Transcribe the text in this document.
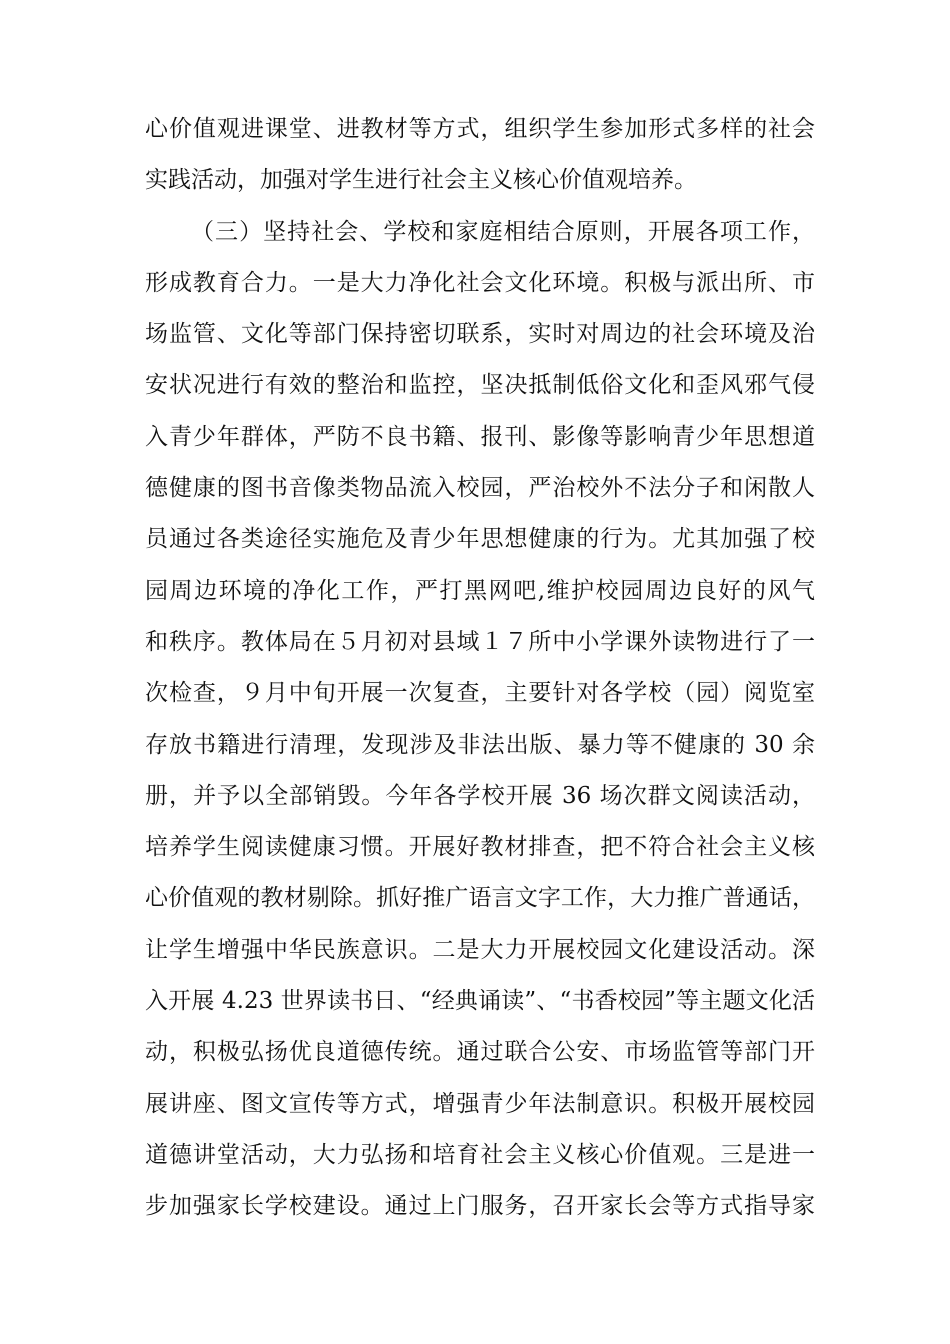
心价值观进课堂、进教材等方式，组织学生参加形式多样的社会
实践活动，加强对学生进行社会主义核心价值观培养。
（三）坚持社会、学校和家庭相结合原则，开展各项工作，
形成教育合力。一是大力净化社会文化环境。积极与派出所、市
场监管、文化等部门保持密切联系，实时对周边的社会环境及治
安状况进行有效的整治和监控，坚决抵制低俗文化和歪风邪气侵
入青少年群体，严防不良书籍、报刊、影像等影响青少年思想道
德健康的图书音像类物品流入校园，严治校外不法分子和闲散人
员通过各类途径实施危及青少年思想健康的行为。尤其加强了校
园周边环境的净化工作，严打黑网吧,维护校园周边良好的风气
和秩序。教体局在５月初对县域１７所中小学课外读物进行了一
次检查，９月中旬开展一次复查，主要针对各学校（园）阅览室
存放书籍进行清理，发现涉及非法出版、暴力等不健康的 30 余
册，并予以全部销毁。今年各学校开展 36 场次群文阅读活动，
培养学生阅读健康习惯。开展好教材排查，把不符合社会主义核
心价值观的教材剔除。抓好推广语言文字工作，大力推广普通话，
让学生增强中华民族意识。二是大力开展校园文化建设活动。深
入开展 4.23 世界读书日、“经典诵读”、“书香校园”等主题文化活
动，积极弘扬优良道德传统。通过联合公安、市场监管等部门开
展讲座、图文宣传等方式，增强青少年法制意识。积极开展校园
道德讲堂活动，大力弘扬和培育社会主义核心价值观。三是进一
步加强家长学校建设。通过上门服务，召开家长会等方式指导家
